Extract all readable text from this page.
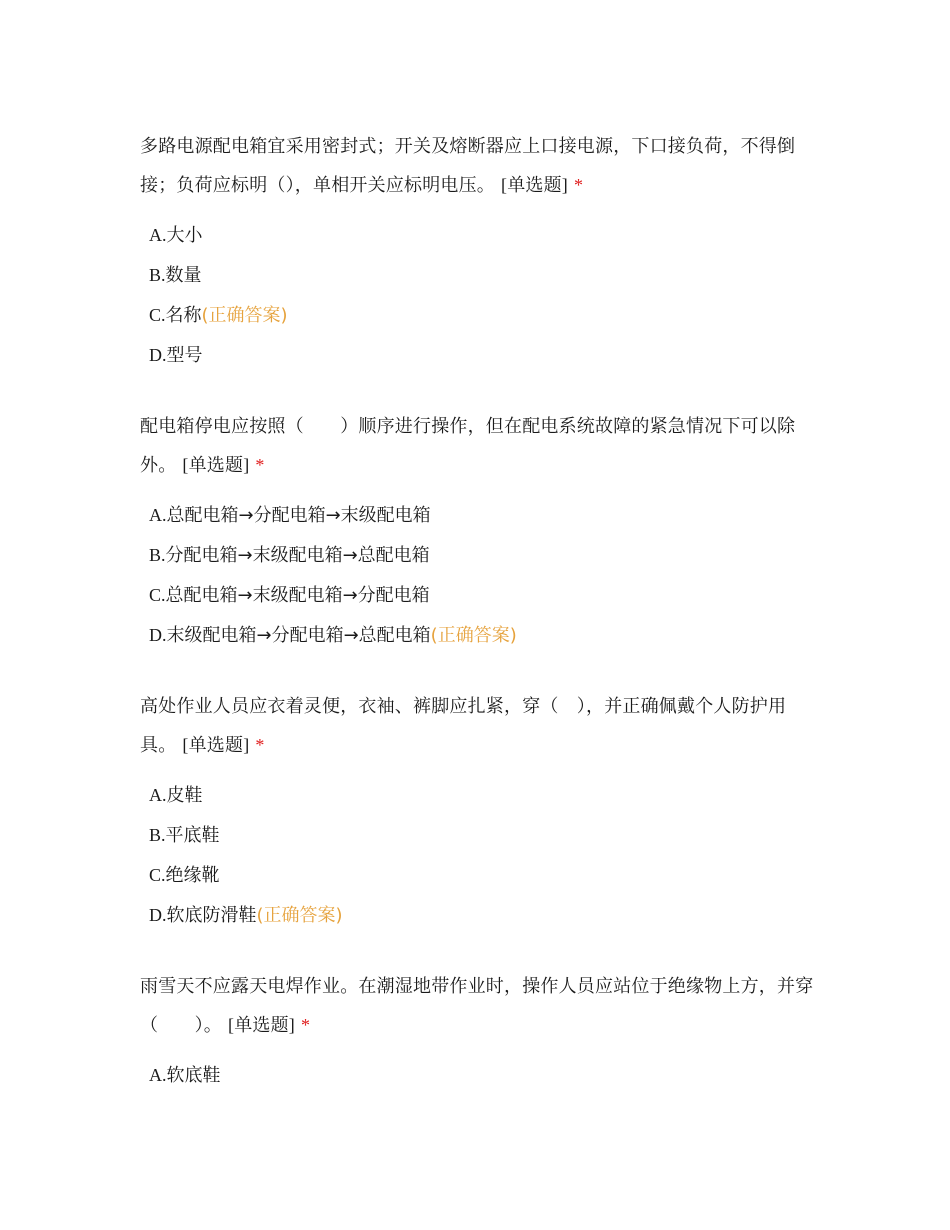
多路电源配电箱宜采用密封式；开关及熔断器应上口接电源，下口接负荷，不得倒接；负荷应标明（），单相开关应标明电压。 [单选题] *

A.大小
B.数量
C.名称(正确答案)
D.型号

配电箱停电应按照（　　）顺序进行操作，但在配电系统故障的紧急情况下可以除外。 [单选题] *

A.总配电箱→分配电箱→末级配电箱
B.分配电箱→末级配电箱→总配电箱
C.总配电箱→末级配电箱→分配电箱
D.末级配电箱→分配电箱→总配电箱(正确答案)

高处作业人员应衣着灵便，衣袖、裤脚应扎紧，穿（　），并正确佩戴个人防护用具。 [单选题] *

A.皮鞋
B.平底鞋
C.绝缘靴
D.软底防滑鞋(正确答案)

雨雪天不应露天电焊作业。在潮湿地带作业时，操作人员应站位于绝缘物上方，并穿（　　）。 [单选题] *

A.软底鞋
